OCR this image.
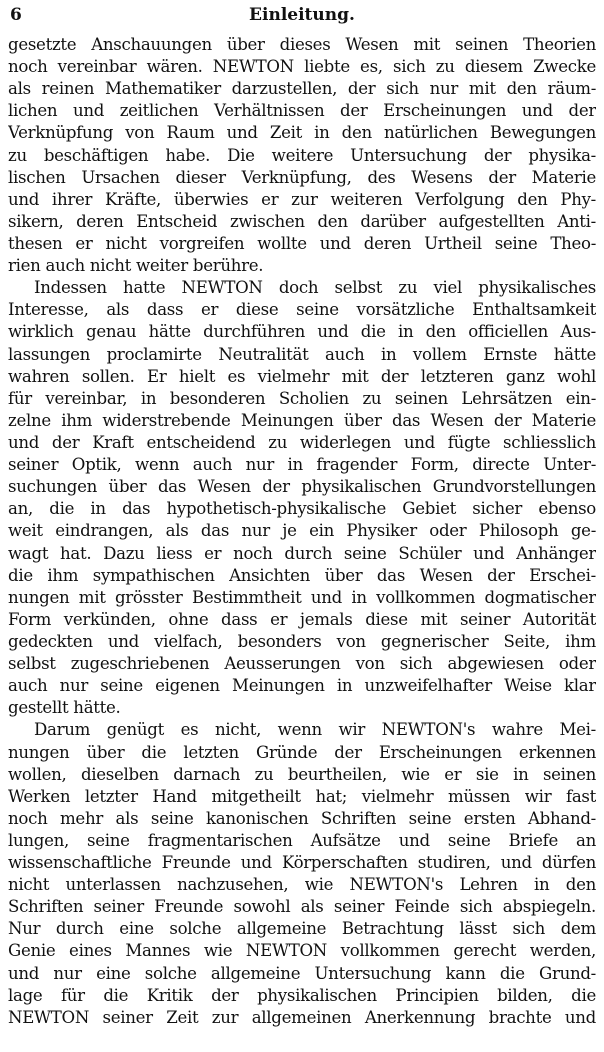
6	Einleitung.
gesetzte Anschauungen über dieses Wesen mit seinen Theorien
noch vereinbar wären. NEWTON liebte es, sich zu diesem Zwecke
als reinen Mathematiker darzustellen, der sich nur mit den räum-
lichen und zeitlichen Verhältnissen der Erscheinungen und der
Verknüpfung von Raum und Zeit in den natürlichen Bewegungen
zu beschäftigen habe. Die weitere Untersuchung der physika-
lischen Ursachen dieser Verknüpfung, des Wesens der Materie
und ihrer Kräfte, überwies er zur weiteren Verfolgung den Phy-
sikern, deren Entscheid zwischen den darüber aufgestellten Anti-
thesen er nicht vorgreifen wollte und deren Urtheil seine Theo-
rien auch nicht weiter berühre.
Indessen hatte NEWTON doch selbst zu viel physikalisches
Interesse, als dass er diese seine vorsätzliche Enthaltsamkeit
wirklich genau hätte durchführen und die in den officiellen Aus-
lassungen proclamirte Neutralität auch in vollem Ernste hätte
wahren sollen. Er hielt es vielmehr mit der letzteren ganz wohl
für vereinbar, in besonderen Scholien zu seinen Lehrsätzen ein-
zelne ihm widerstrebende Meinungen über das Wesen der Materie
und der Kraft entscheidend zu widerlegen und fügte schliesslich
seiner Optik, wenn auch nur in fragender Form, directe Unter-
suchungen über das Wesen der physikalischen Grundvorstellungen
an, die in das hypothetisch-physikalische Gebiet sicher ebenso
weit eindrangen, als das nur je ein Physiker oder Philosoph ge-
wagt hat. Dazu liess er noch durch seine Schüler und Anhänger
die ihm sympathischen Ansichten über das Wesen der Erschei-
nungen mit grösster Bestimmtheit und in vollkommen dogmatischer
Form verkünden, ohne dass er jemals diese mit seiner Autorität
gedeckten und vielfach, besonders von gegnerischer Seite, ihm
selbst zugeschriebenen Aeusserungen von sich abgewiesen oder
auch nur seine eigenen Meinungen in unzweifelhafter Weise klar
gestellt hätte.
Darum genügt es nicht, wenn wir NEWTON's wahre Mei-
nungen über die letzten Gründe der Erscheinungen erkennen
wollen, dieselben darnach zu beurtheilen, wie er sie in seinen
Werken letzter Hand mitgetheilt hat; vielmehr müssen wir fast
noch mehr als seine kanonischen Schriften seine ersten Abhand-
lungen, seine fragmentarischen Aufsätze und seine Briefe an
wissenschaftliche Freunde und Körperschaften studiren, und dürfen
nicht unterlassen nachzusehen, wie NEWTON's Lehren in den
Schriften seiner Freunde sowohl als seiner Feinde sich abspiegeln.
Nur durch eine solche allgemeine Betrachtung lässt sich dem
Genie eines Mannes wie NEWTON vollkommen gerecht werden,
und nur eine solche allgemeine Untersuchung kann die Grund-
lage für die Kritik der physikalischen Principien bilden, die
NEWTON seiner Zeit zur allgemeinen Anerkennung brachte und
